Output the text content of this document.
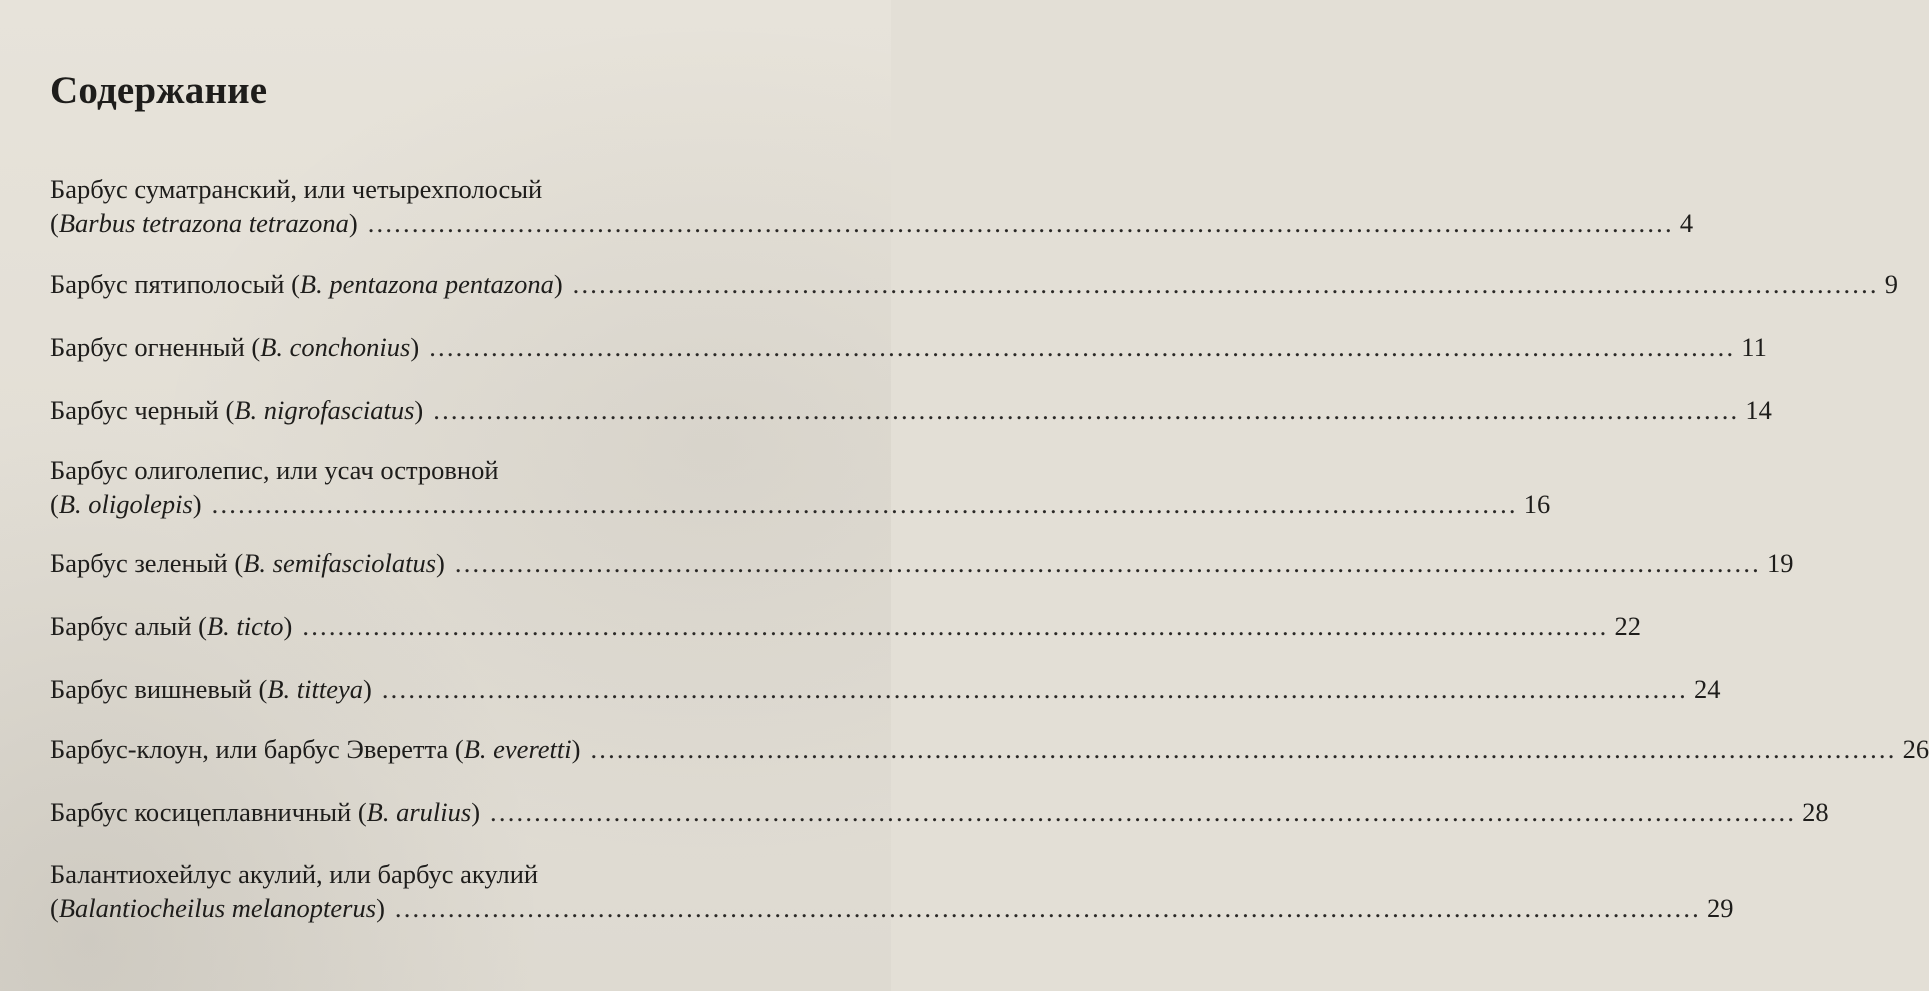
Содержание
Барбус суматранский, или четырехполосый
(Barbus tetrazona tetrazona) .................................................................................................................................................... 4
Барбус пятиполосый (B. pentazona pentazona) .................................................................................................................................................... 9
Барбус огненный (B. conchonius) .................................................................................................................................................... 11
Барбус черный (B. nigrofasciatus) .................................................................................................................................................... 14
Барбус олиголепис, или усач островной
(B. oligolepis) .................................................................................................................................................... 16
Барбус зеленый (B. semifasciolatus) .................................................................................................................................................... 19
Барбус алый (B. ticto) .................................................................................................................................................... 22
Барбус вишневый (B. titteya) .................................................................................................................................................... 24
Барбус-клоун, или барбус Эверетта (B. everetti) .................................................................................................................................................... 26
Барбус косицеплавничный (B. arulius) .................................................................................................................................................... 28
Балантиохейлус акулий, или барбус акулий
(Balantiocheilus melanopterus) .................................................................................................................................................... 29
